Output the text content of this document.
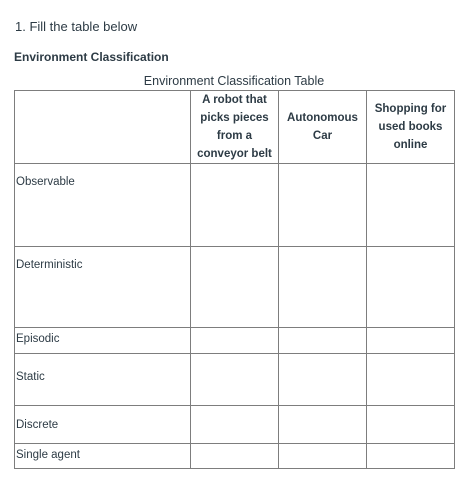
1. Fill the table below
Environment Classification
Environment Classification Table
	A robot that picks pieces from a conveyor belt	Autonomous Car	Shopping for used books online
Observable			
Deterministic			
Episodic			
Static			
Discrete			
Single agent			
